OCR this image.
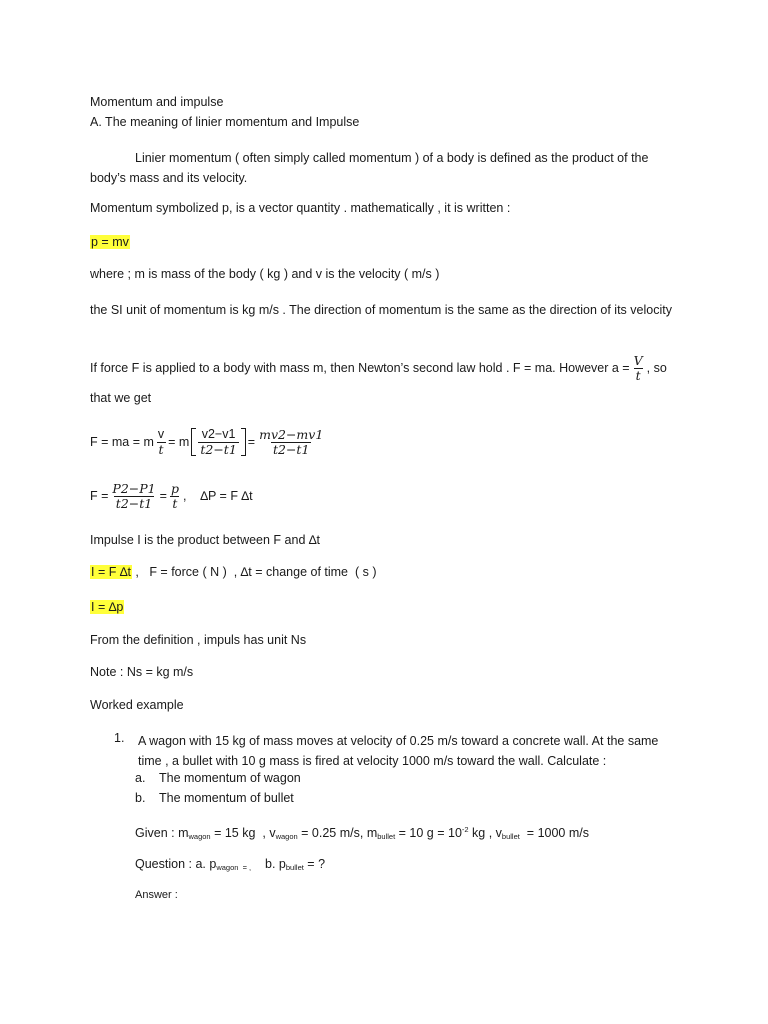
Momentum and impulse
A. The meaning of linier momentum and Impulse
Linier momentum ( often simply called momentum ) of a body is defined as the product of the body’s mass and its velocity.
Momentum symbolized p, is a vector quantity . mathematically , it is written :
p = mv
where ; m is mass of the body ( kg ) and v is the velocity ( m/s )
the SI unit of momentum is kg m/s . The direction of momentum is the same as the direction of its velocity
If force F is applied to a body with mass m, then Newton’s second law hold . F = ma. However $a = \frac{V}{t}$ , so
that we get
F = ma = m $\frac{v}{t} = m \frac{v2-v1}{t2-t1} = \frac{mv2-mv1}{t2-t1}$
$F = \frac{P2-P1}{t2-t1} = \frac{p}{t}$ ,    ∆P = F ∆t
Impulse I is the product between F and ∆t
I = F ∆t ,   F = force ( N )  , ∆t = change of time  ( s )
I = ∆p
From the definition , impuls has unit Ns
Note : Ns = kg m/s
Worked example
1.	A wagon with 15 kg of mass moves at velocity of 0.25 m/s toward a concrete wall. At the same time , a bullet with 10 g mass is fired at velocity 1000 m/s toward the wall. Calculate :
a.	The momentum of wagon
b.	The momentum of bullet
Given : $m_{wagon} = 15$ kg  , $v_{wagon} = 0.25$ m/s, $m_{bullet} = 10$ $g = 10^{-2}$ kg , $v_{bullet} = 1000$ m/s
Question : a. $p_{wagon = ,}$    b. $p_{bullet}$ = ?
Answer :
